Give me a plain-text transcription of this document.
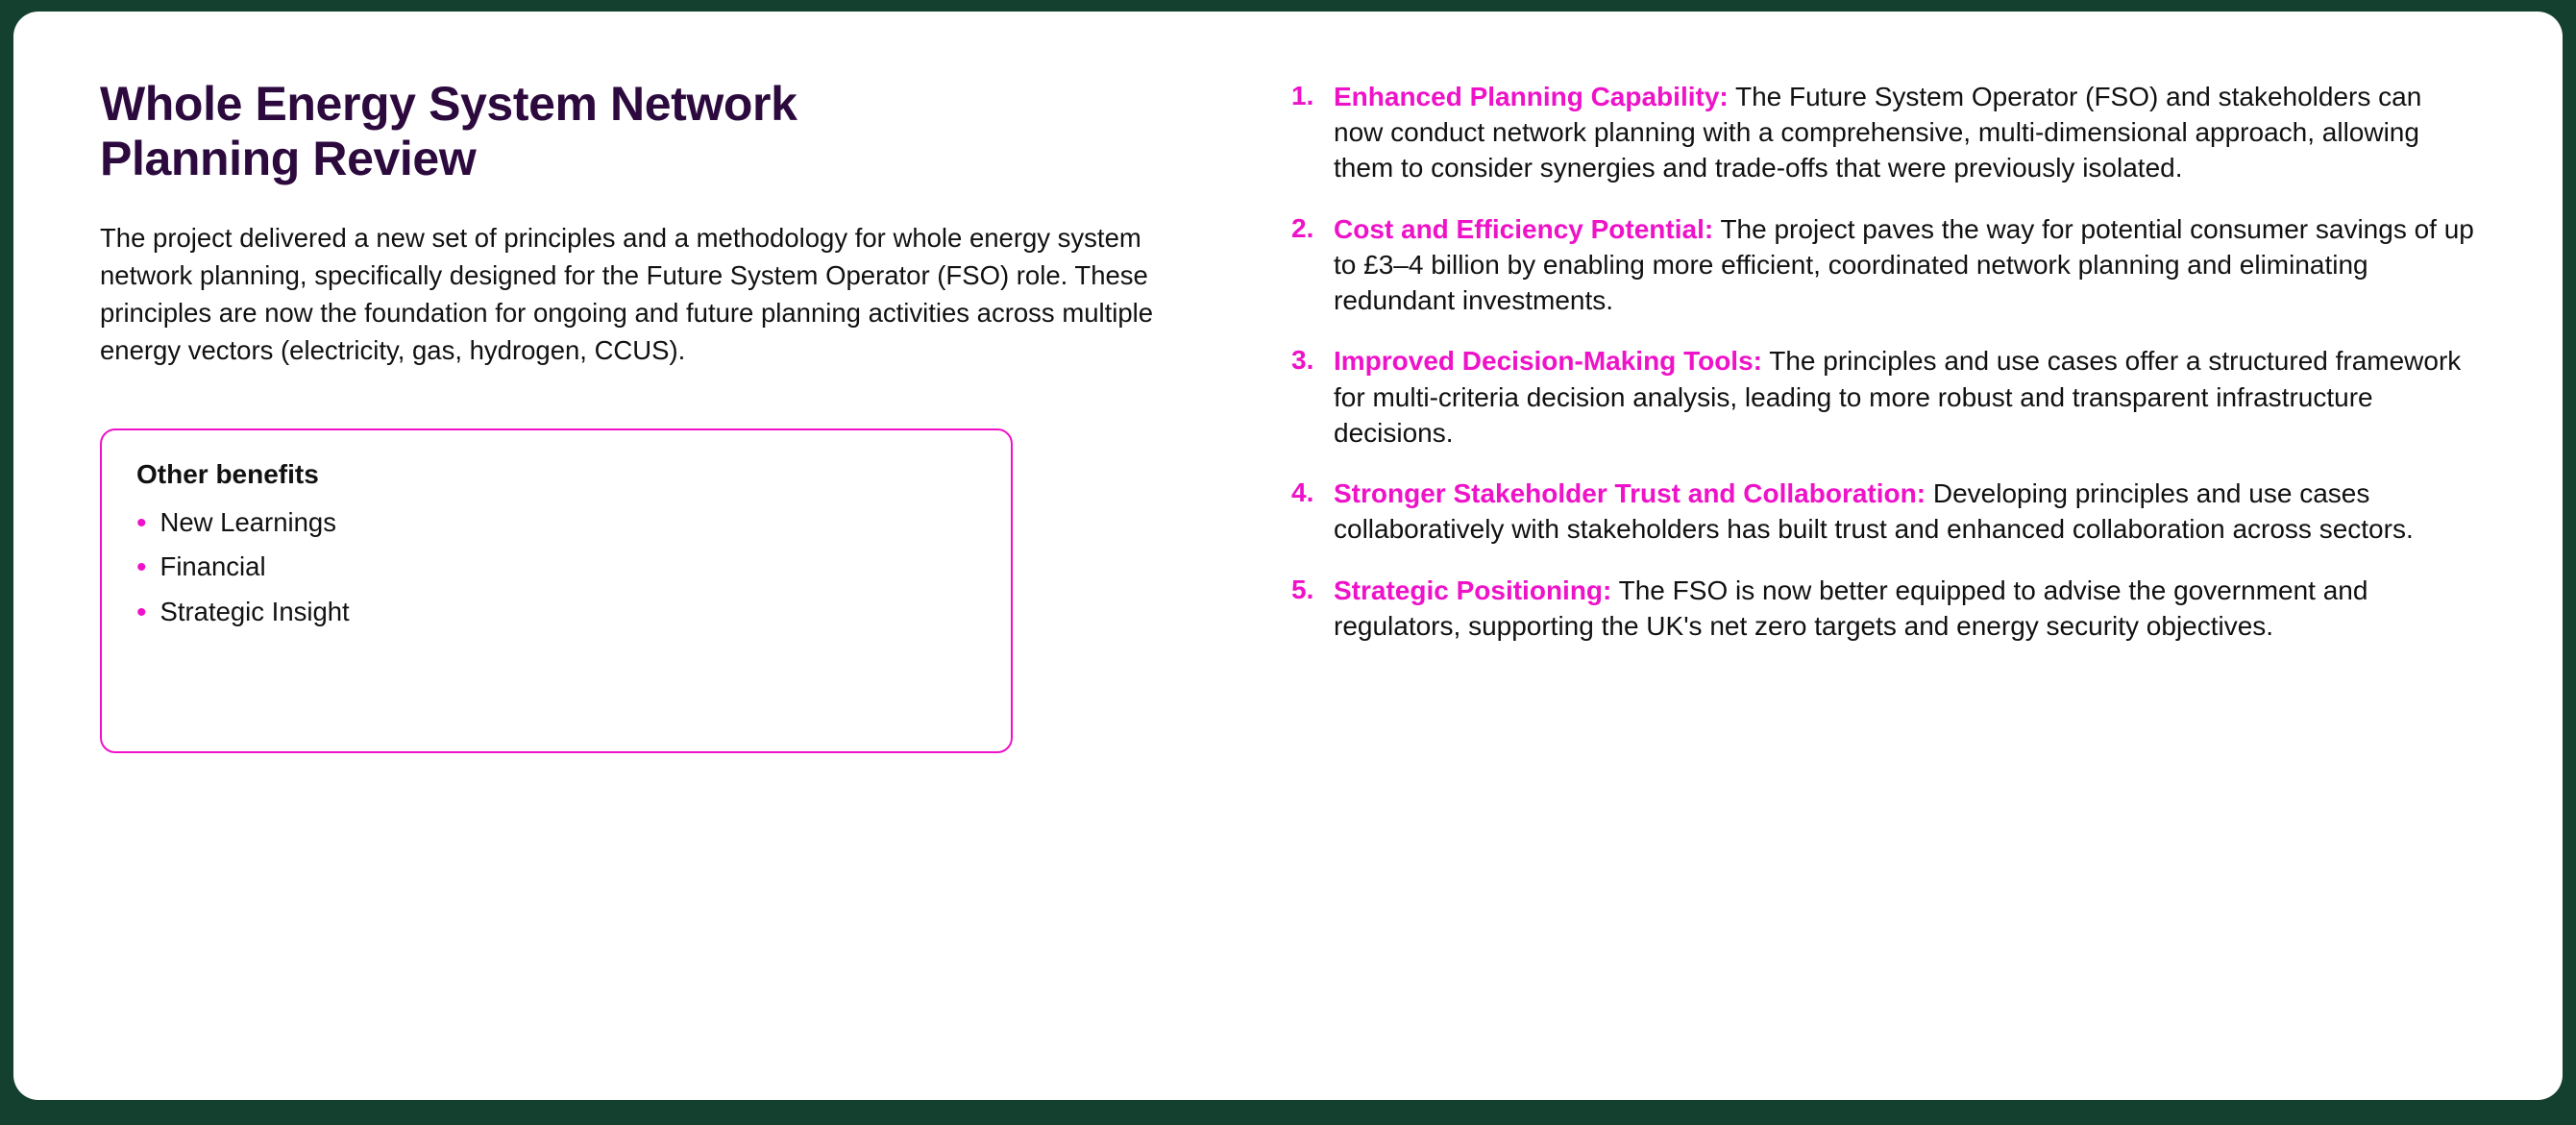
Whole Energy System Network Planning Review

The project delivered a new set of principles and a methodology for whole energy system network planning, specifically designed for the Future System Operator (FSO) role. These principles are now the foundation for ongoing and future planning activities across multiple energy vectors (electricity, gas, hydrogen, CCUS).

Other benefits
• New Learnings
• Financial
• Strategic Insight
1. Enhanced Planning Capability: The Future System Operator (FSO) and stakeholders can now conduct network planning with a comprehensive, multi-dimensional approach, allowing them to consider synergies and trade-offs that were previously isolated.
2. Cost and Efficiency Potential: The project paves the way for potential consumer savings of up to £3–4 billion by enabling more efficient, coordinated network planning and eliminating redundant investments.
3. Improved Decision-Making Tools: The principles and use cases offer a structured framework for multi-criteria decision analysis, leading to more robust and transparent infrastructure decisions.
4. Stronger Stakeholder Trust and Collaboration: Developing principles and use cases collaboratively with stakeholders has built trust and enhanced collaboration across sectors.
5. Strategic Positioning: The FSO is now better equipped to advise the government and regulators, supporting the UK's net zero targets and energy security objectives.
